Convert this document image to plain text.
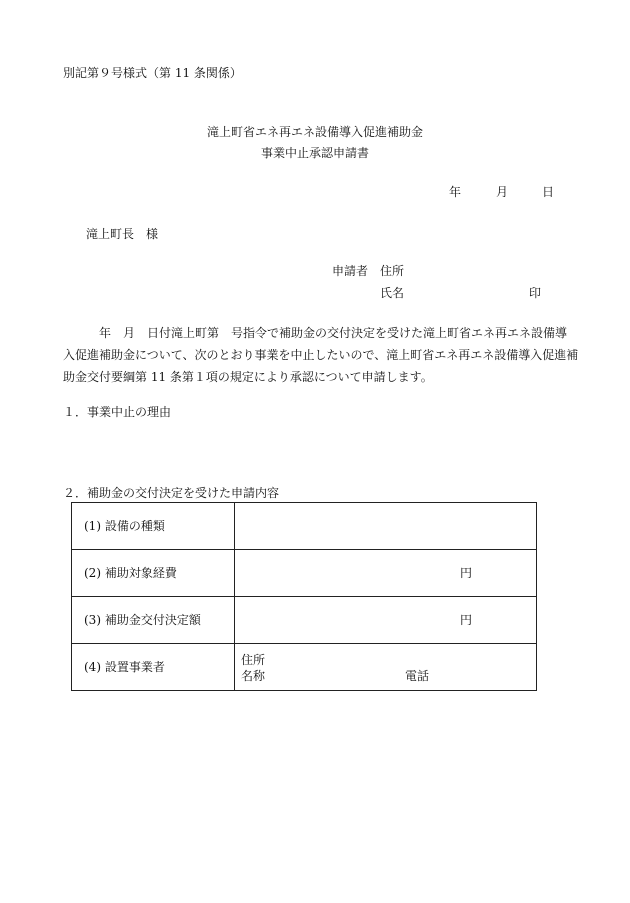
別記第９号様式（第 11 条関係）
滝上町省エネ再エネ設備導入促進補助金
事業中止承認申請書
年	月	日
滝上町長　様
申請者 住所
氏名	印
　　　年　月　日付滝上町第　号指令で補助金の交付決定を受けた滝上町省エネ再エネ設備導
入促進補助金について、次のとおり事業を中止したいので、滝上町省エネ再エネ設備導入促進補
助金交付要綱第 11 条第１項の規定により承認について申請します。
１．事業中止の理由
２．補助金の交付決定を受けた申請内容
(1) 設備の種類	
(2) 補助対象経費	円

(3) 補助金交付決定額	円

(4) 設置事業者	住所
名称 電話
